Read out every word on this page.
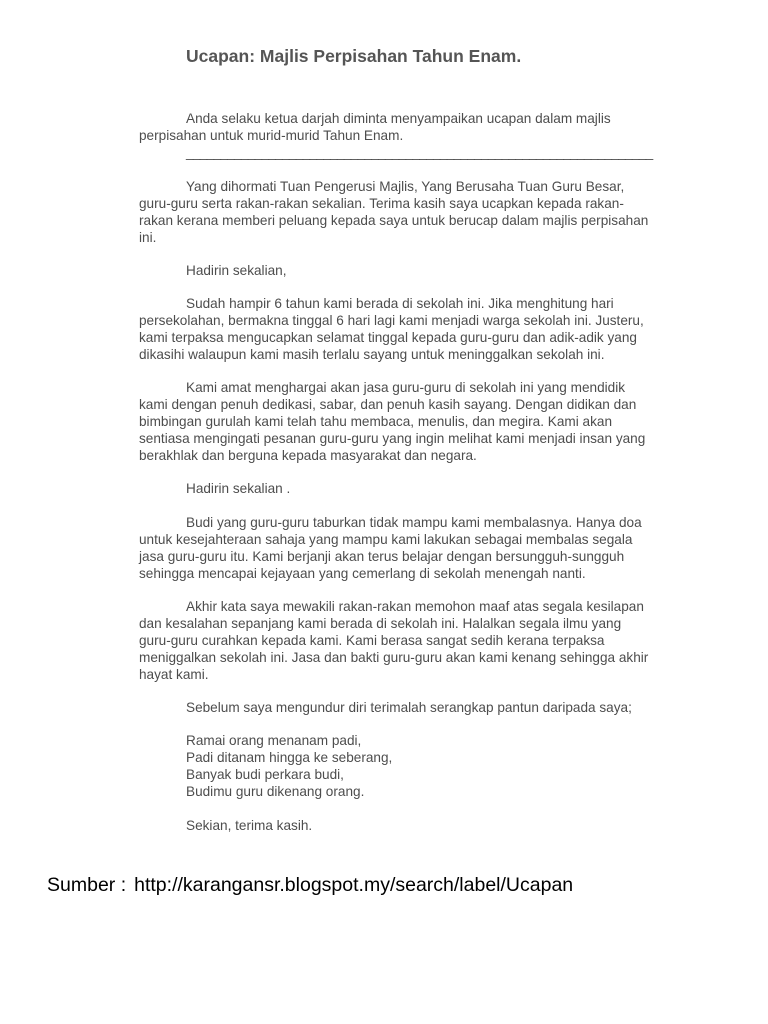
Ucapan: Majlis Perpisahan Tahun Enam.
Anda selaku ketua darjah diminta menyampaikan ucapan dalam majlis
perpisahan untuk murid-murid Tahun Enam.
____________________________________________________________________
Yang dihormati Tuan Pengerusi Majlis, Yang Berusaha Tuan Guru Besar,
guru-guru serta rakan-rakan sekalian. Terima kasih saya ucapkan kepada rakan-
rakan kerana memberi peluang kepada saya untuk berucap dalam majlis perpisahan
ini.
Hadirin sekalian,
Sudah hampir 6 tahun kami berada di sekolah ini. Jika menghitung hari
persekolahan, bermakna tinggal 6 hari lagi kami menjadi warga sekolah ini. Justeru,
kami terpaksa mengucapkan selamat tinggal kepada guru-guru dan adik-adik yang
dikasihi walaupun kami masih terlalu sayang untuk meninggalkan sekolah ini.
Kami amat menghargai akan jasa guru-guru di sekolah ini yang mendidik
kami dengan penuh dedikasi, sabar, dan penuh kasih sayang. Dengan didikan dan
bimbingan gurulah kami telah tahu membaca, menulis, dan megira. Kami akan
sentiasa mengingati pesanan guru-guru yang ingin melihat kami menjadi insan yang
berakhlak dan berguna kepada masyarakat dan negara.
Hadirin sekalian .
Budi yang guru-guru taburkan tidak mampu kami membalasnya. Hanya doa
untuk kesejahteraan sahaja yang mampu kami lakukan sebagai membalas segala
jasa guru-guru itu. Kami berjanji akan terus belajar dengan bersungguh-sungguh
sehingga mencapai kejayaan yang cemerlang di sekolah menengah nanti.
Akhir kata saya mewakili rakan-rakan memohon maaf atas segala kesilapan
dan kesalahan sepanjang kami berada di sekolah ini. Halalkan segala ilmu yang
guru-guru curahkan kepada kami. Kami berasa sangat sedih kerana terpaksa
meniggalkan sekolah ini. Jasa dan bakti guru-guru akan kami kenang sehingga akhir
hayat kami.
Sebelum saya mengundur diri terimalah serangkap pantun daripada saya;
Ramai orang menanam padi,
Padi ditanam hingga ke seberang,
Banyak budi perkara budi,
Budimu guru dikenang orang.
Sekian, terima kasih.
Sumber : http://karangansr.blogspot.my/search/label/Ucapan
